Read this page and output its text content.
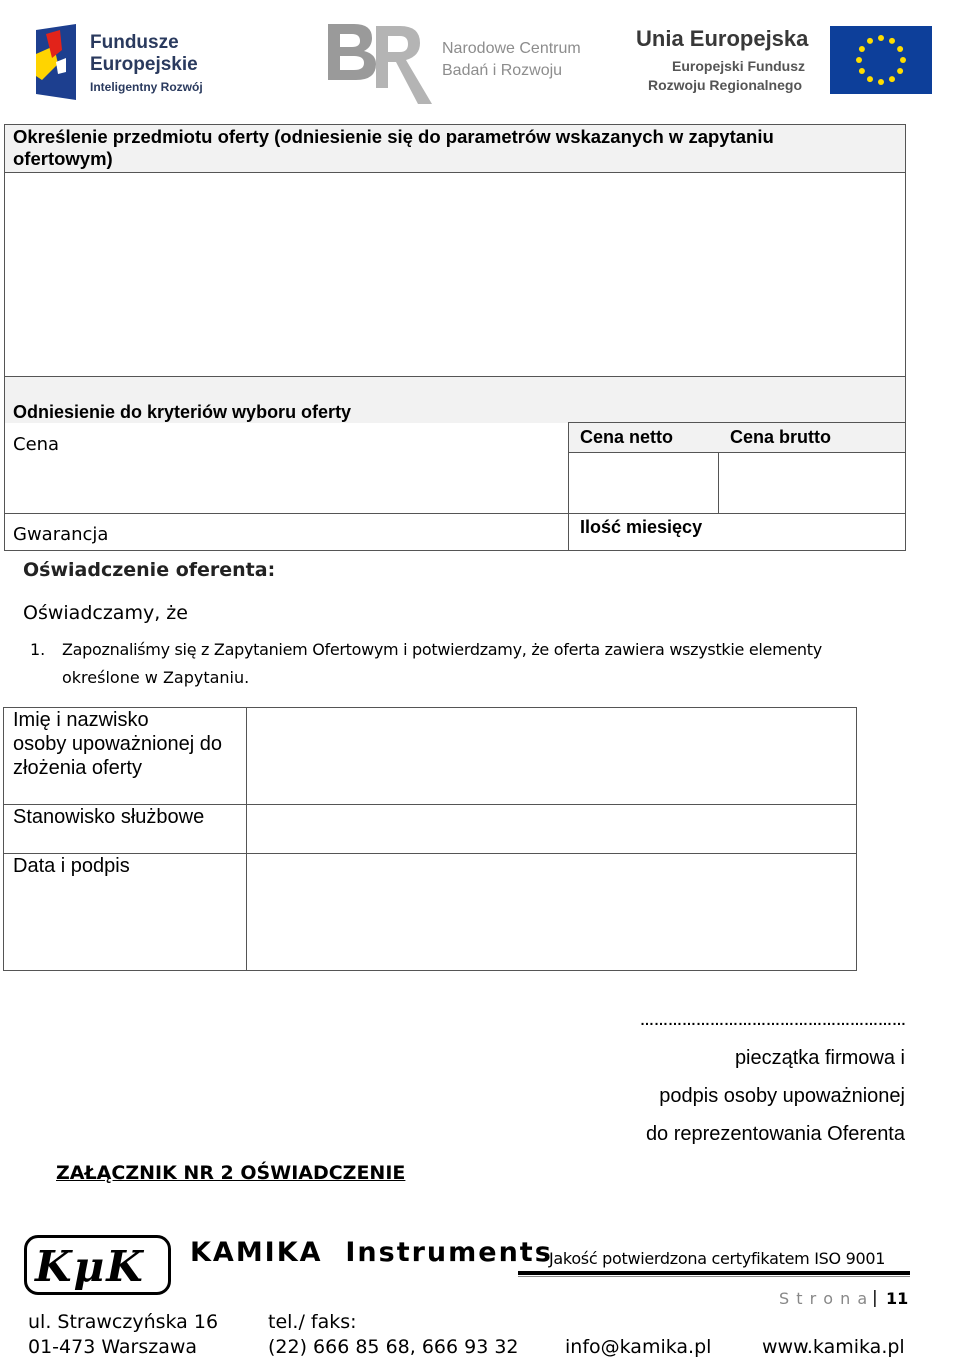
Fundusze
Europejskie
Inteligentny Rozwój
Narodowe Centrum
Badań i Rozwoju
Unia Europejska
Europejski Fundusz
Rozwoju Regionalnego
Określenie przedmiotu oferty (odniesienie się do parametrów wskazanych w zapytaniu ofertowym)
Odniesienie do kryteriów wyboru oferty
Cena	Cena netto	Cena brutto
Gwarancja	Ilość miesięcy
Oświadczenie oferenta:
Oświadczamy, że
1. Zapoznaliśmy się z Zapytaniem Ofertowym i potwierdzamy, że oferta zawiera wszystkie elementy
określone w Zapytaniu.
Imię i nazwisko
osoby upoważnionej do
złożenia oferty
Stanowisko służbowe
Data i podpis
…………………………………………………
pieczątka firmowa i
podpis osoby upoważnionej
do reprezentowania Oferenta
ZAŁĄCZNIK NR 2 OŚWIADCZENIE
KμK KAMIKA  Instruments
Jakość potwierdzona certyfikatem ISO 9001
S t r o n a | 11
ul. Strawczyńska 16
01-473 Warszawa
tel./ faks:
(22) 666 85 68, 666 93 32 info@kamika.pl	www.kamika.pl
